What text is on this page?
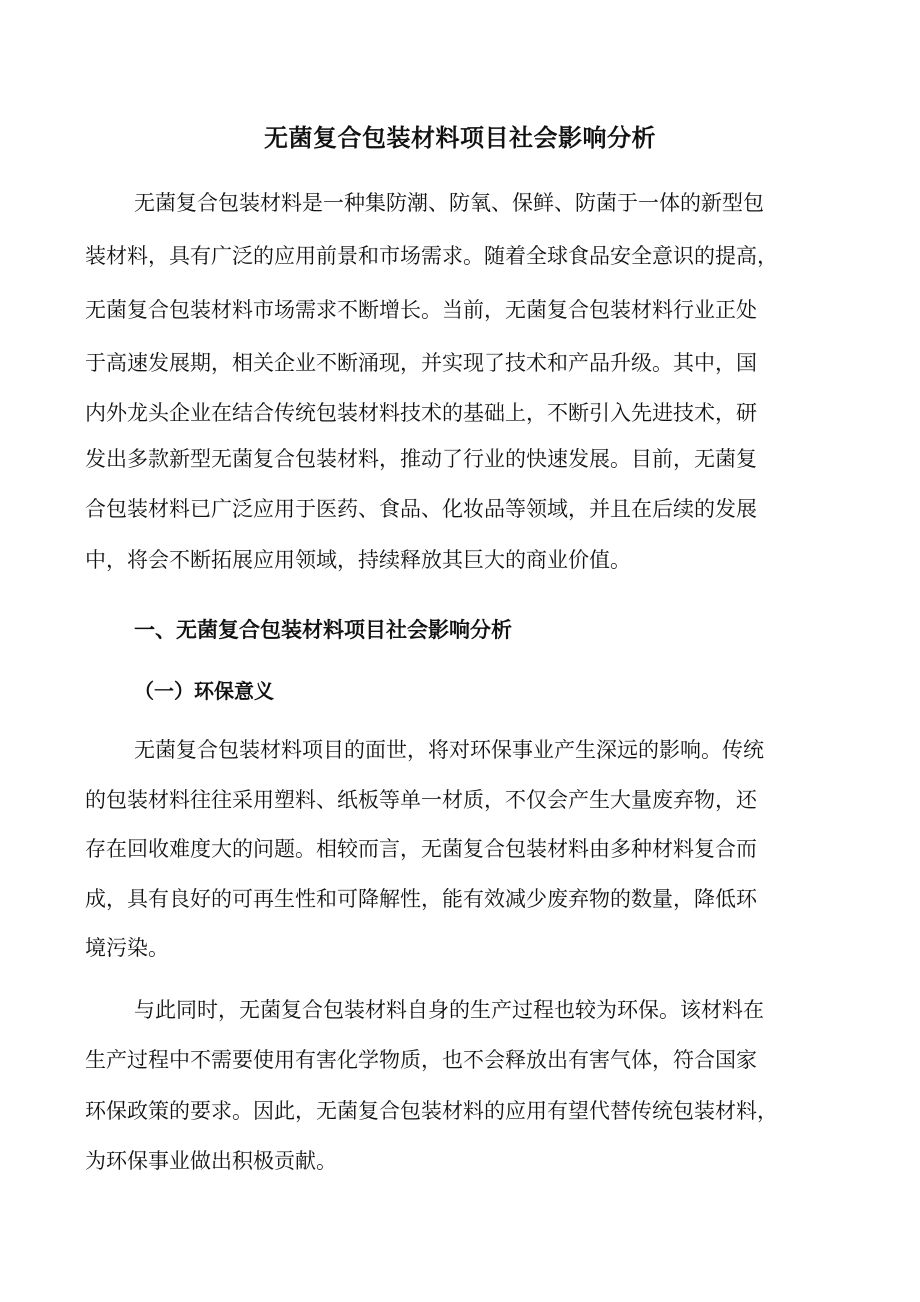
无菌复合包装材料项目社会影响分析

无菌复合包装材料是一种集防潮、防氧、保鲜、防菌于一体的新型包

装材料，具有广泛的应用前景和市场需求。随着全球食品安全意识的提高，

无菌复合包装材料市场需求不断增长。当前，无菌复合包装材料行业正处

于高速发展期，相关企业不断涌现，并实现了技术和产品升级。其中，国

内外龙头企业在结合传统包装材料技术的基础上，不断引入先进技术，研

发出多款新型无菌复合包装材料，推动了行业的快速发展。目前，无菌复

合包装材料已广泛应用于医药、食品、化妆品等领域，并且在后续的发展

中，将会不断拓展应用领域，持续释放其巨大的商业价值。

一、无菌复合包装材料项目社会影响分析
（一）环保意义

无菌复合包装材料项目的面世，将对环保事业产生深远的影响。传统

的包装材料往往采用塑料、纸板等单一材质，不仅会产生大量废弃物，还

存在回收难度大的问题。相较而言，无菌复合包装材料由多种材料复合而

成，具有良好的可再生性和可降解性，能有效减少废弃物的数量，降低环

境污染。

与此同时，无菌复合包装材料自身的生产过程也较为环保。该材料在

生产过程中不需要使用有害化学物质，也不会释放出有害气体，符合国家

环保政策的要求。因此，无菌复合包装材料的应用有望代替传统包装材料，

为环保事业做出积极贡献。
